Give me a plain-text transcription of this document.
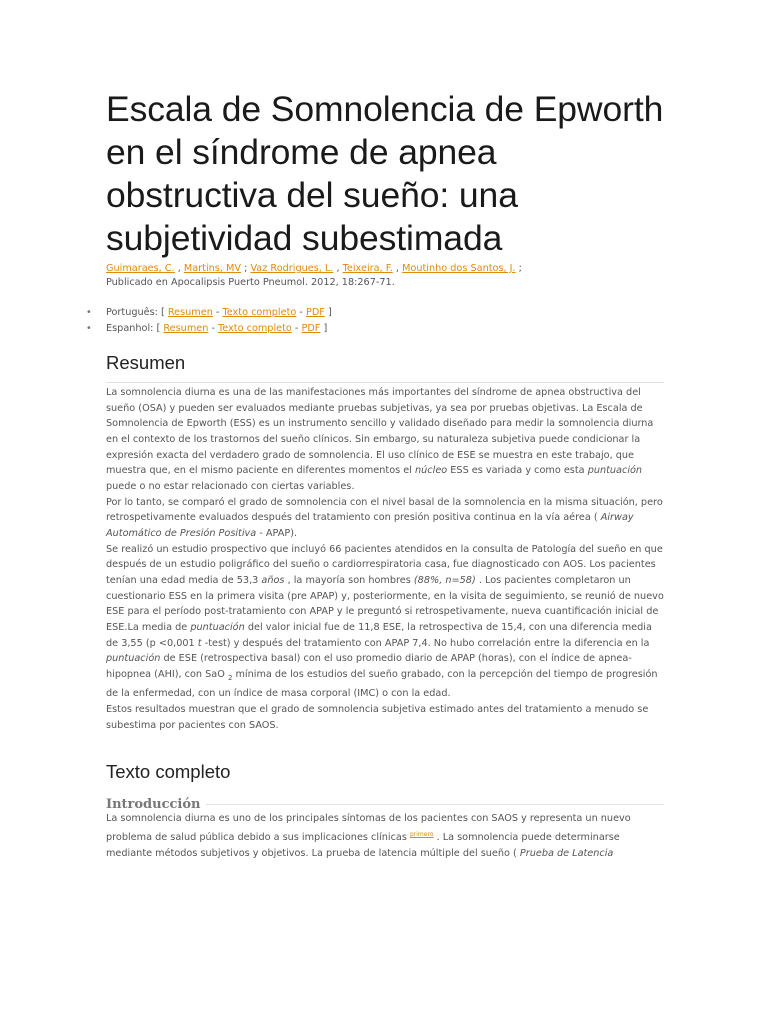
Escala de Somnolencia de Epworth en el síndrome de apnea obstructiva del sueño: una subjetividad subestimada
Guimaraes, C. , Martins, MV ; Vaz Rodrigues, L. , Teixeira, F. , Moutinho dos Santos, J. ;
Publicado en Apocalipsis Puerto Pneumol. 2012, 18:267-71.
• Português: [ Resumen - Texto completo - PDF ]
• Espanhol: [ Resumen - Texto completo - PDF ]
Resumen

La somnolencia diurna es una de las manifestaciones más importantes del síndrome de apnea obstructiva del sueño (OSA) y pueden ser evaluados mediante pruebas subjetivas, ya sea por pruebas objetivas. La Escala de Somnolencia de Epworth (ESS) es un instrumento sencillo y validado diseñado para medir la somnolencia diurna en el contexto de los trastornos del sueño clínicos. Sin embargo, su naturaleza subjetiva puede condicionar la expresión exacta del verdadero grado de somnolencia. El uso clínico de ESE se muestra en este trabajo, que muestra que, en el mismo paciente en diferentes momentos el núcleo ESS es variada y como esta puntuación puede o no estar relacionado con ciertas variables.

Por lo tanto, se comparó el grado de somnolencia con el nivel basal de la somnolencia en la misma situación, pero retrospetivamente evaluados después del tratamiento con presión positiva continua en la vía aérea ( Airway Automático de Presión Positiva - APAP).

Se realizó un estudio prospectivo que incluyó 66 pacientes atendidos en la consulta de Patología del sueño en que después de un estudio poligráfico del sueño o cardiorrespiratoria casa, fue diagnosticado con AOS. Los pacientes tenían una edad media de 53,3 años , la mayoría son hombres (88%, n=58) . Los pacientes completaron un cuestionario ESS en la primera visita (pre APAP) y, posteriormente, en la visita de seguimiento, se reunió de nuevo ESE para el período post-tratamiento con APAP y le preguntó si retrospetivamente, nueva cuantificación inicial de ESE.La media de puntuación del valor inicial fue de 11,8 ESE, la retrospectiva de 15,4, con una diferencia media de 3,55 (p <0,001 t -test) y después del tratamiento con APAP 7,4. No hubo correlación entre la diferencia en la puntuación de ESE (retrospectiva basal) con el uso promedio diario de APAP (horas), con el índice de apnea-hipopnea (AHI), con SaO $_2$ mínima de los estudios del sueño grabado, con la percepción del tiempo de progresión de la enfermedad, con un índice de masa corporal (IMC) o con la edad.

Estos resultados muestran que el grado de somnolencia subjetiva estimado antes del tratamiento a menudo se subestima por pacientes con SAOS.

Texto completo
Introducción

La somnolencia diurna es uno de los principales síntomas de los pacientes con SAOS y representa un nuevo problema de salud pública debido a sus implicaciones clínicas $^{primero}$ . La somnolencia puede determinarse mediante métodos subjetivos y objetivos. La prueba de latencia múltiple del sueño ( Prueba de Latencia
